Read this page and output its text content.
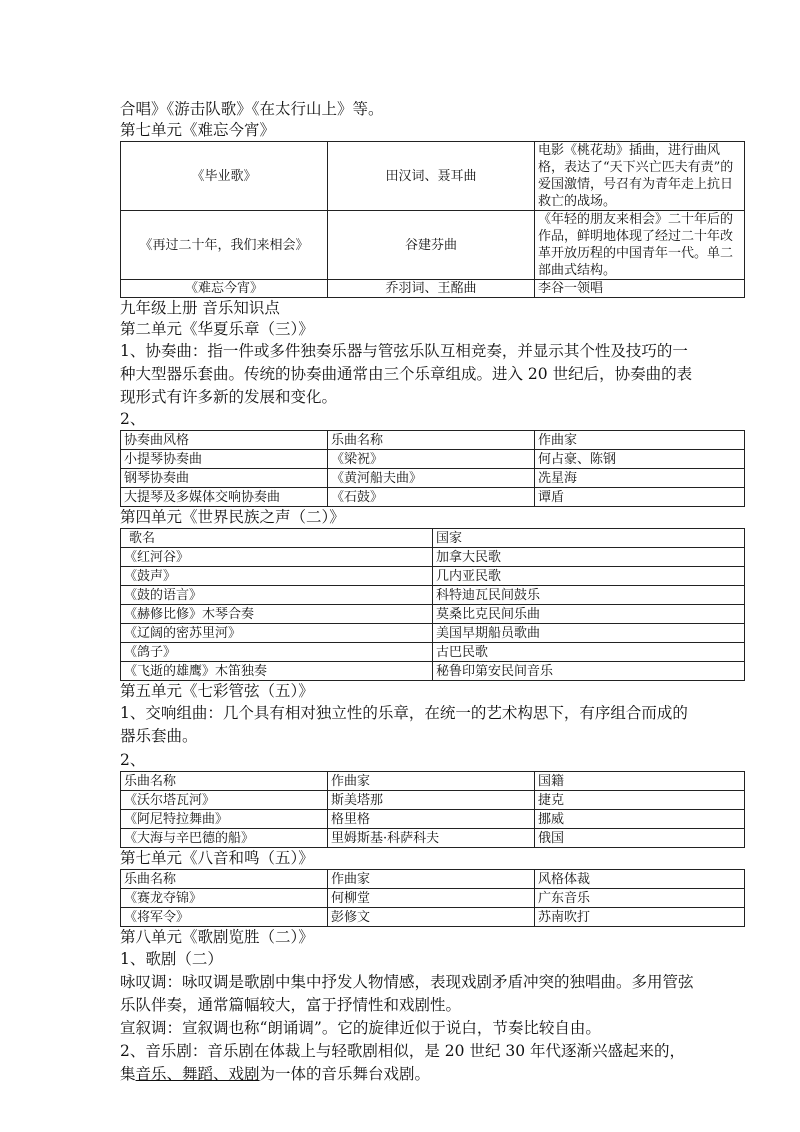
合唱》《游击队歌》《在太行山上》等。
第七单元《难忘今宵》
《毕业歌》	田汉词、聂耳曲	电影《桃花劫》插曲，进行曲风格，表达了“天下兴亡匹夫有责”的爱国激情，号召有为青年走上抗日救亡的战场。
《再过二十年，我们来相会》	谷建芬曲	《年轻的朋友来相会》二十年后的作品，鲜明地体现了经过二十年改革开放历程的中国青年一代。单二部曲式结构。
《难忘今宵》	乔羽词、王酩曲	李谷一领唱
九年级上册 音乐知识点
第二单元《华夏乐章（三）》
1、协奏曲：指一件或多件独奏乐器与管弦乐队互相竞奏，并显示其个性及技巧的一种大型器乐套曲。传统的协奏曲通常由三个乐章组成。进入 20 世纪后，协奏曲的表现形式有许多新的发展和变化。
2、
协奏曲风格	乐曲名称	作曲家
小提琴协奏曲	《梁祝》	何占豪、陈钢
钢琴协奏曲	《黄河船夫曲》	冼星海
大提琴及多媒体交响协奏曲	《石鼓》	谭盾
第四单元《世界民族之声（二）》
歌名	国家
《红河谷》	加拿大民歌
《鼓声》	几内亚民歌
《鼓的语言》	科特迪瓦民间鼓乐
《赫修比修》木琴合奏	莫桑比克民间乐曲
《辽阔的密苏里河》	美国早期船员歌曲
《鸽子》	古巴民歌
《飞逝的雄鹰》木笛独奏	秘鲁印第安民间音乐
第五单元《七彩管弦（五）》
1、交响组曲：几个具有相对独立性的乐章，在统一的艺术构思下，有序组合而成的器乐套曲。
2、
乐曲名称	作曲家	国籍
《沃尔塔瓦河》	斯美塔那	捷克
《阿尼特拉舞曲》	格里格	挪威
《大海与辛巴德的船》	里姆斯基·科萨科夫	俄国
第七单元《八音和鸣（五）》
乐曲名称	作曲家	风格体裁
《赛龙夺锦》	何柳堂	广东音乐
《将军令》	彭修文	苏南吹打
第八单元《歌剧览胜（二）》
1、歌剧（二）
咏叹调：咏叹调是歌剧中集中抒发人物情感，表现戏剧矛盾冲突的独唱曲。多用管弦乐队伴奏，通常篇幅较大，富于抒情性和戏剧性。
宣叙调：宣叙调也称“朗诵调”。它的旋律近似于说白，节奏比较自由。
2、音乐剧：音乐剧在体裁上与轻歌剧相似，是 20 世纪 30 年代逐渐兴盛起来的，集音乐、舞蹈、戏剧为一体的音乐舞台戏剧。
